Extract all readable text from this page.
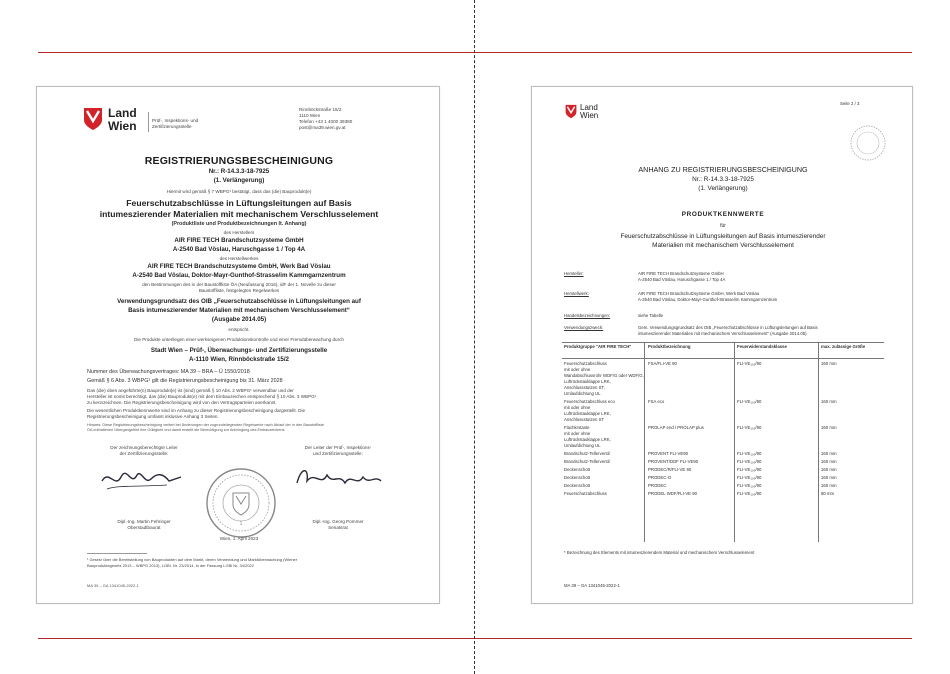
Land
Wien	Prüf-, Inspektions- und
Zertifizierungsstelle
Rinnböckstraße 15/2
1110 Wien
Telefon +43 1 4000 39380
post@ma39.wien.gv.at
REGISTRIERUNGSBESCHEINIGUNG
Nr.: R-14.3.3-18-7925
(1. Verlängerung)
Hiermit wird gemäß § 7 WBPG¹ bestätigt, dass das (die) Bauprodukt(e)
Feuerschutzabschlüsse in Lüftungsleitungen auf Basis
intumeszierender Materialien mit mechanischem Verschlusselement
(Produktliste und Produktbezeichnungen lt. Anhang)
des Herstellers
AIR FIRE TECH Brandschutzsysteme GmbH
A-2540 Bad Vöslau, Haruschgasse 1 / Top 4A
des Herstellwerkes
AIR FIRE TECH Brandschutzsysteme GmbH, Werk Bad Vöslau
A-2540 Bad Vöslau, Doktor-Mayr-Gunthof-Strasse/im Kammgarnzentrum
den Bestimmungen des in der Baustoffliste ÖA (Neufassung 2016), idF der 1. Novelle zu dieser
Baustoffliste, festgelegten Regelwerkes
Verwendungsgrundsatz des OIB „Feuerschutzabschlüsse in Lüftungsleitungen auf
Basis intumeszierender Materialien mit mechanischem Verschlusselement“
(Ausgabe 2014.05)
entspricht.
Die Produkte unterliegen einer werkseigenen Produktionskontrolle und einer Fremdüberwachung durch
Stadt Wien – Prüf-, Überwachungs- und Zertifizierungsstelle
A-1110 Wien, Rinnböckstraße 15/2
Nummer des Überwachungsvertrages: MA 39 – BRA – Ü 1550/2018
Gemäß § 6 Abs. 3 WBPG¹ gilt die Registrierungsbescheinigung bis 31. März 2028
Das (die) oben angeführte(n) Bauprodukt(e) ist (sind) gemäß § 10 Abs. 2 WBPG¹ verwendbar und der
Hersteller ist somit berechtigt, das (die) Bauprodukt(e) mit dem Einbauzeichen entsprechend § 10 Abs. 3 WBPG¹
zu kennzeichnen. Die Registrierungsbescheinigung wird von den Vertragsparteien anerkannt.
Die wesentlichen Produktkennwerte sind im Anhang zu dieser Registrierungsbescheinigung dargestellt. Die
Registrierungsbescheinigung umfasst inklusive Anhang 3 Seiten.
Hinweis: Diese Registrierungsbescheinigung verliert bei Änderungen der zugrundeliegenden Regelwerke nach Ablauf der in den Baustoffliste
ÖA enthaltenen Übergangsfrist ihre Gültigkeit und damit erstellt die Berechtigung zur Anbringung des Einbauzeichens.
Der zeichnungsberechtigte Leiter
der Zertifizierungsstelle:
Der Leiter der Prüf-, Inspektions-
und Zertifizierungsstelle:
1
Dipl.-Ing. Martin Fehringer
Oberstadtbaurat
Dipl.-Ing. Georg Pommer
Senatsrat
Wien, 1. April 2023
¹ Gesetz über die Bereitstellung von Bauprodukten auf dem Markt, deren Verwendung und Marktüberwachung (Wiener
Bauproduktegesetz 2013 – WBPG 2013), LGBl. Nr. 23/2014, in der Fassung LGBl Nr. 34/2022
MA 39 – GA 1341045-2022-1
Land
Wien
Seite 2 / 3
ANHANG ZU REGISTRIERUNGSBESCHEINIGUNG
Nr.: R-14.3.3-18-7925
(1. Verlängerung)
PRODUKTKENNWERTE
für
Feuerschutzabschlüsse in Lüftungsleitungen auf Basis intumeszierender
Materialien mit mechanischem Verschlusselement
Hersteller:	AIR FIRE TECH Brandschutzsysteme GmbH
A-2540 Bad Vöslau, Haruschgasse 1 / Top 4A
Herstellwerk:	AIR FIRE TECH Brandschutzsysteme GmbH, Werk Bad Vöslau
A-2540 Bad Vöslau, Doktor-Mayr-Gunthof-Strasse/im Kammgarnzentrum
Handelsbezeichnungen:	siehe Tabelle
Verwendungszweck:	Gem. Verwendungsgrundsatz des OIB „Feuerschutzabschlüsse in Lüftungsleitungen auf Basis
intumeszierender Materialien mit mechanischem Verschlusselement“ (Ausgabe 2014.05)
Produktgruppe "AIR FIRE TECH"	Produktbezeichnung	Feuerwiderstandsklasse	max. zulässige Größe
Feuerschutzabschluss
mit oder ohne
Wandabschlussrohr WDF/G oder WDF/G,
Luftrückstauklappe LRK,
Anschlussstutzen ST,
Umlaufdichtung UL
FSA/FLI-VE 90	FLI-VE₁₀₀/90	160 mm
Feuerschutzabschluss eco
mit oder ohne
Luftrückstauklappe LRK,
Anschlussstutzen ST
FSA eco	FLI-VE₁₀₀/90	160 mm
Flachkrstaste
mit oder ohne
Luftrückstauklappe LRK,
Umlaufdichtung UL
PROLAP end / PROLAP plus	FLI-VE₁₀₀/90	160 mm
Brandschutz-Tellerventil	PROVENT FLI-VE90	FLI-VE₁₀₀/90	160 mm
Brandschutz-Tellerventil	PROVENT/DDF FLI-VE90	FLI-VE₁₀₀/90	160 mm
Deckenschott	PRODEC/R/FLI-VE 90	FLI-VE₁₀₀/90	160 mm
Deckenschott	PRODEC-O	FLI-VE₁₀₀/90	160 mm
Deckenschott	PRODEC	FLI-VE₁₀₀/90	160 mm
Feuerschutzabschluss	PRODEL WDF/FLI-VE 90	FLI-VE₁₀₀/90	80 mm
* Bezeichnung des Elements mit intumeszierendem Material und mechanischem Verschlusselement
MA 39 – GA 1341045-2022-1
